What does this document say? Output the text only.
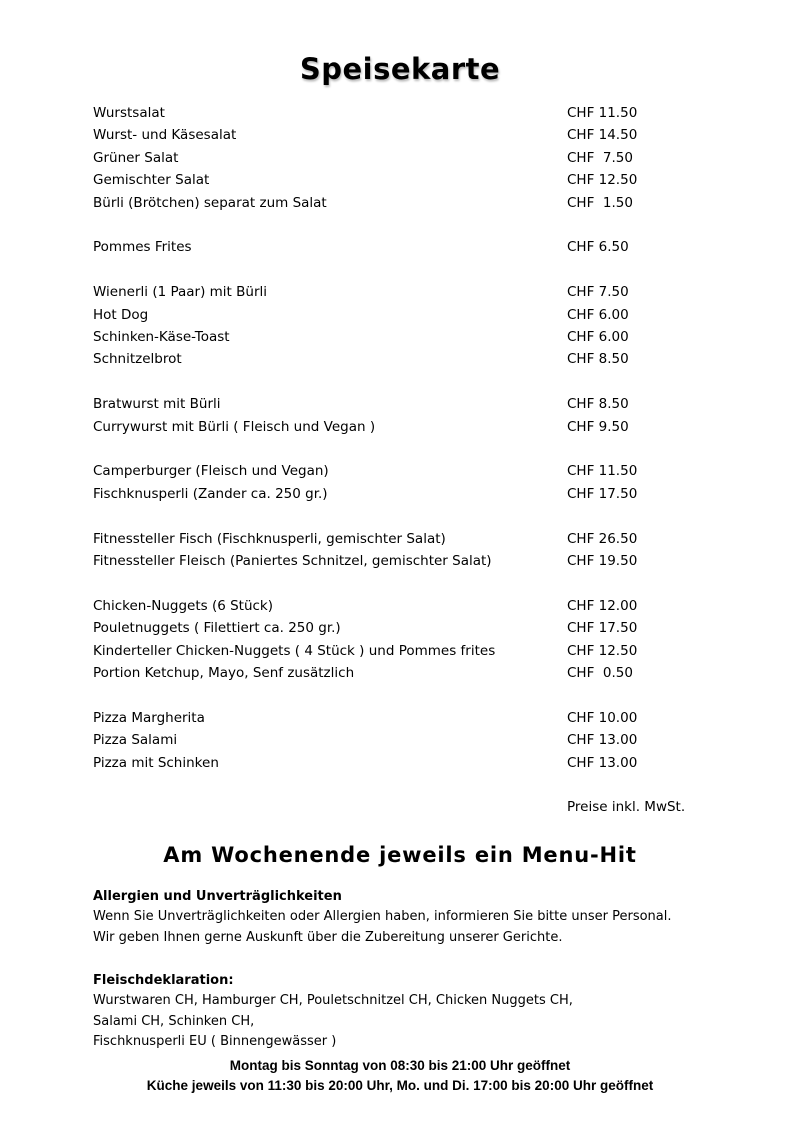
Speisekarte
Wurstsalat	CHF 11.50
Wurst- und Käsesalat	CHF 14.50
Grüner Salat	CHF  7.50
Gemischter Salat	CHF 12.50
Bürli (Brötchen) separat zum Salat	CHF  1.50
Pommes Frites	CHF 6.50
Wienerli (1 Paar) mit Bürli	CHF 7.50
Hot Dog	CHF 6.00
Schinken-Käse-Toast	CHF 6.00
Schnitzelbrot	CHF 8.50
Bratwurst mit Bürli	CHF 8.50
Currywurst mit Bürli ( Fleisch und Vegan )	CHF 9.50
Camperburger (Fleisch und Vegan)	CHF 11.50
Fischknusperli (Zander ca. 250 gr.)	CHF 17.50
Fitnessteller Fisch (Fischknusperli, gemischter Salat)	CHF 26.50
Fitnessteller Fleisch (Paniertes Schnitzel, gemischter Salat)	CHF 19.50
Chicken-Nuggets (6 Stück)	CHF 12.00
Pouletnuggets ( Filettiert ca. 250 gr.)	CHF 17.50
Kinderteller Chicken-Nuggets ( 4 Stück ) und Pommes frites	CHF 12.50
Portion Ketchup, Mayo, Senf zusätzlich	CHF  0.50
Pizza Margherita	CHF 10.00
Pizza Salami	CHF 13.00
Pizza mit Schinken	CHF 13.00
Preise inkl. MwSt.
Am Wochenende jeweils ein Menu-Hit
Allergien und Unverträglichkeiten
Wenn Sie Unverträglichkeiten oder Allergien haben, informieren Sie bitte unser Personal.
Wir geben Ihnen gerne Auskunft über die Zubereitung unserer Gerichte.
Fleischdeklaration:
Wurstwaren CH, Hamburger CH, Pouletschnitzel CH, Chicken Nuggets CH,
Salami CH, Schinken CH,
Fischknusperli EU ( Binnengewässer )
Montag bis Sonntag von 08:30 bis 21:00 Uhr geöffnet
Küche jeweils von 11:30 bis 20:00 Uhr, Mo. und Di. 17:00 bis 20:00 Uhr geöffnet
